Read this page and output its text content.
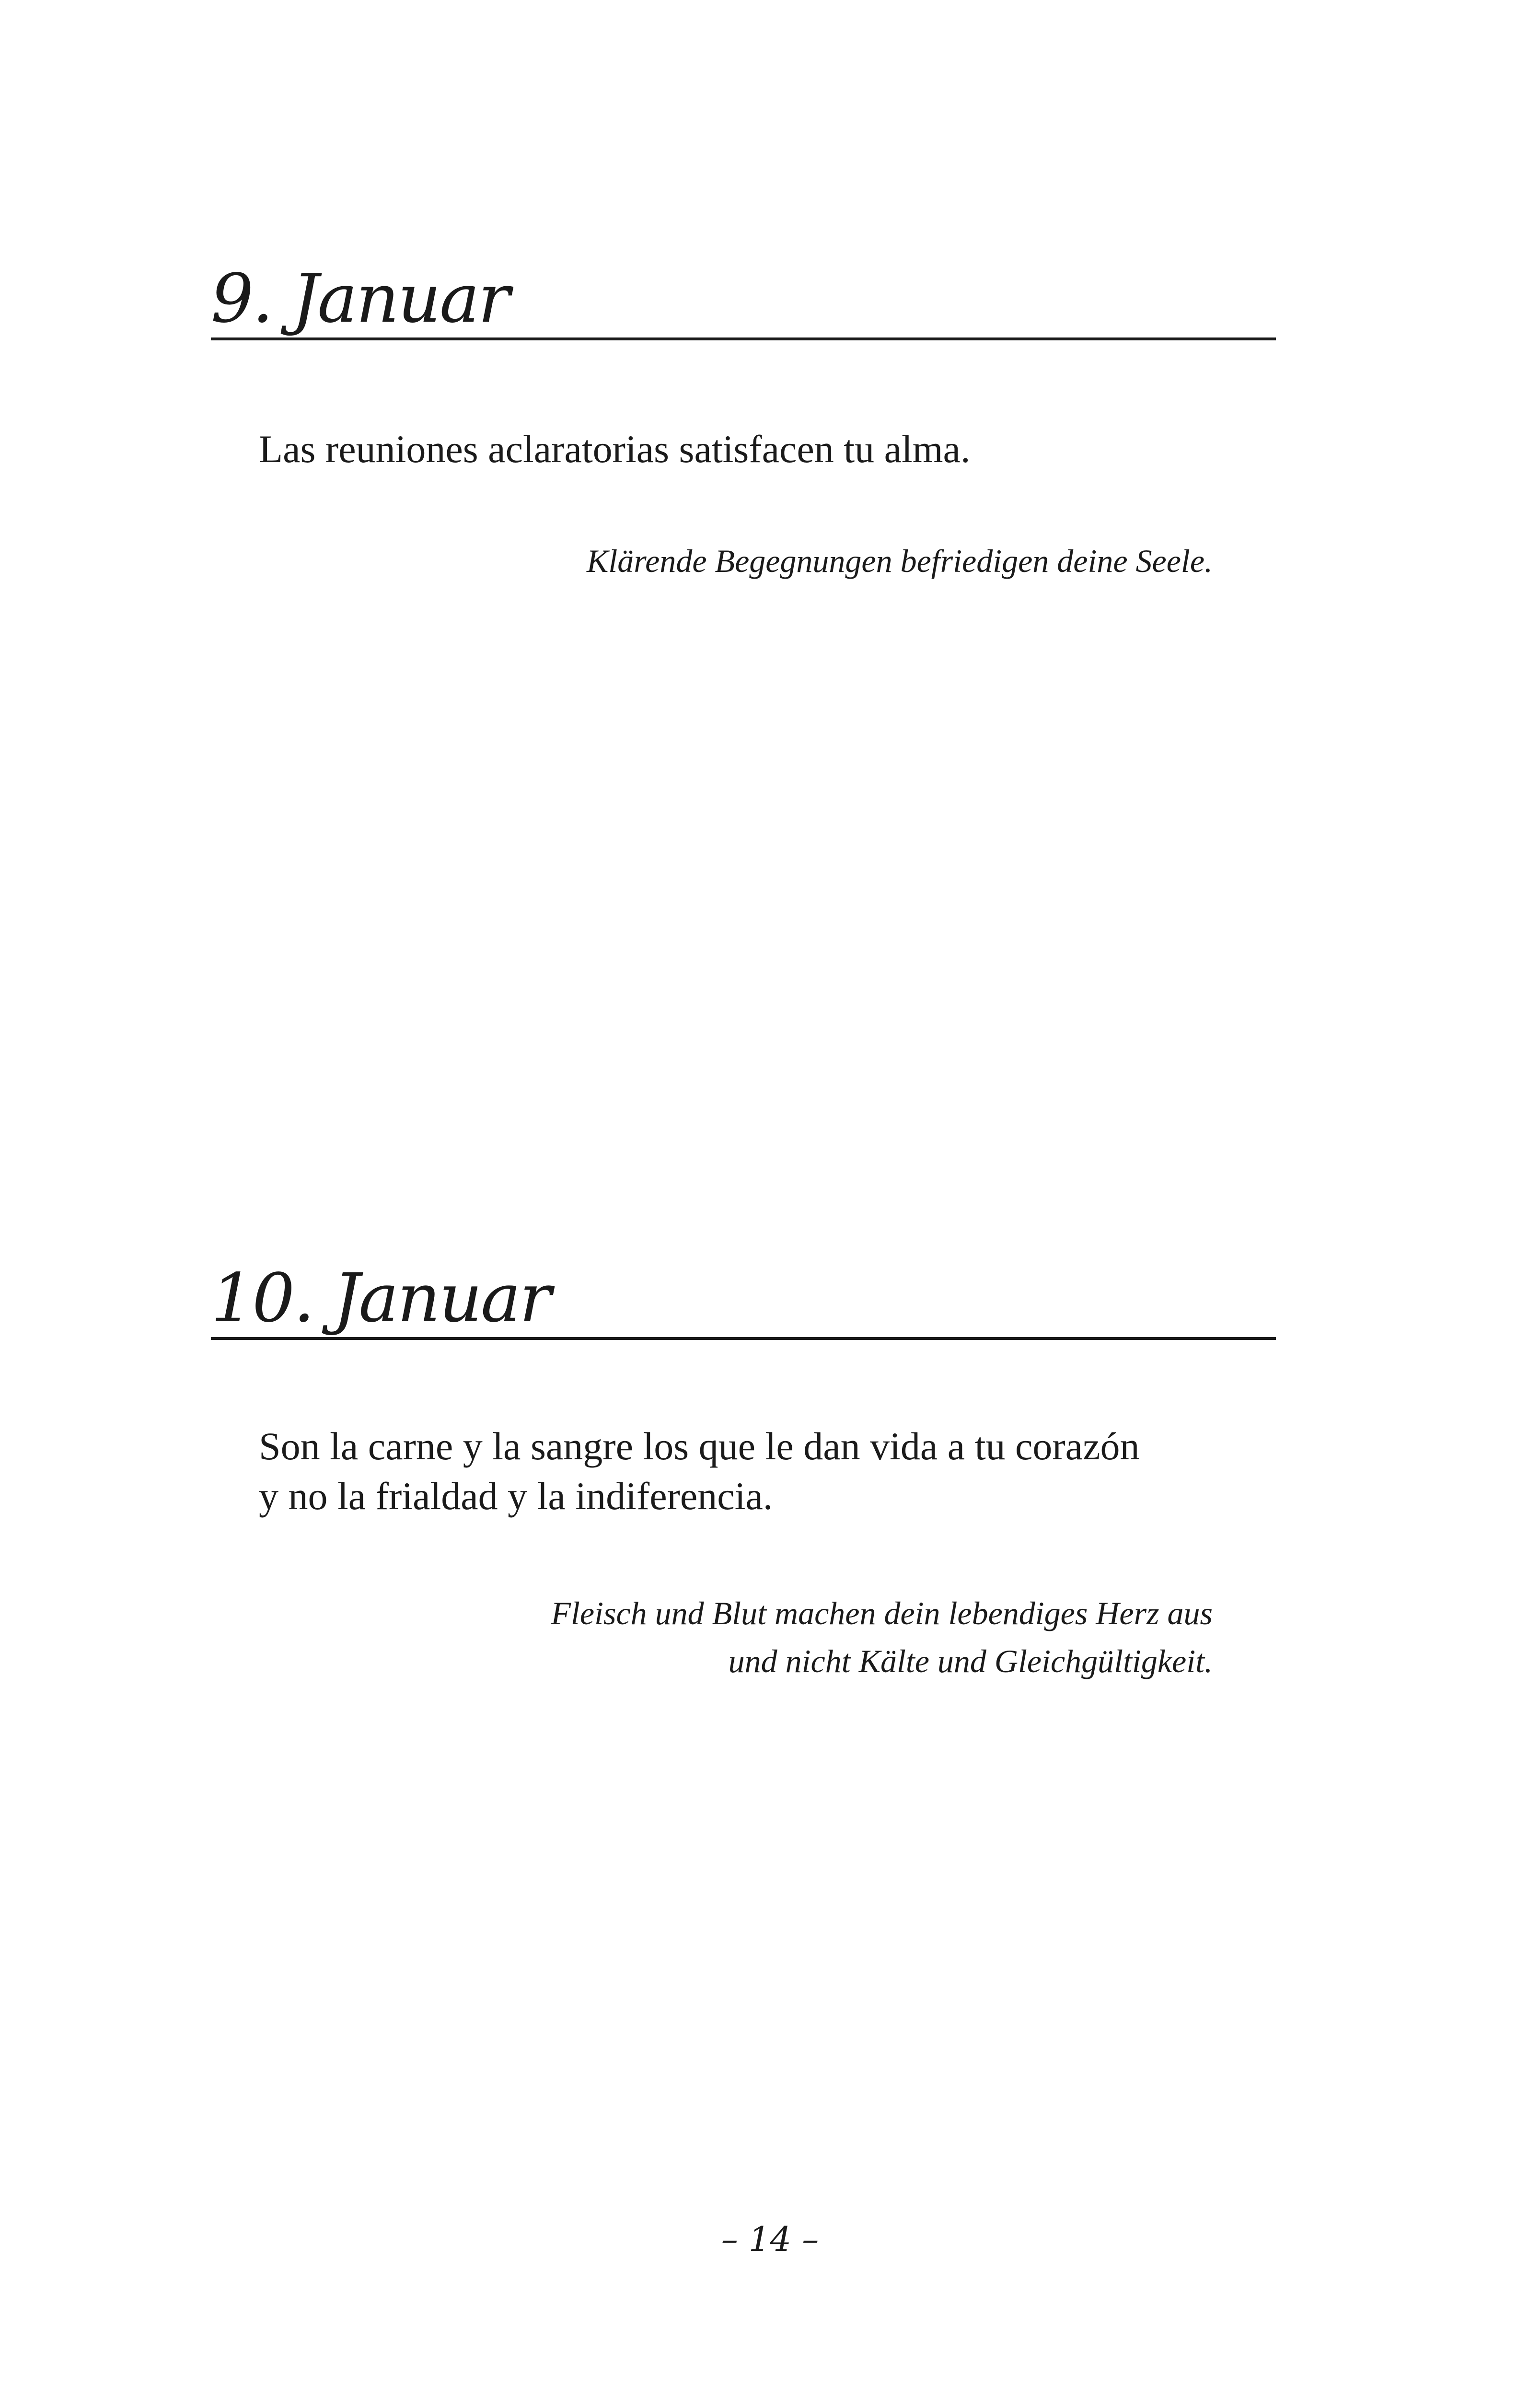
9. Januar
Las reuniones aclaratorias satisfacen tu alma.
Klärende Begegnungen befriedigen deine Seele.
10. Januar
Son la carne y la sangre los que le dan vida a tu corazón
y no la frialdad y la indiferencia.
Fleisch und Blut machen dein lebendiges Herz aus
und nicht Kälte und Gleichgültigkeit.
– 14 –
